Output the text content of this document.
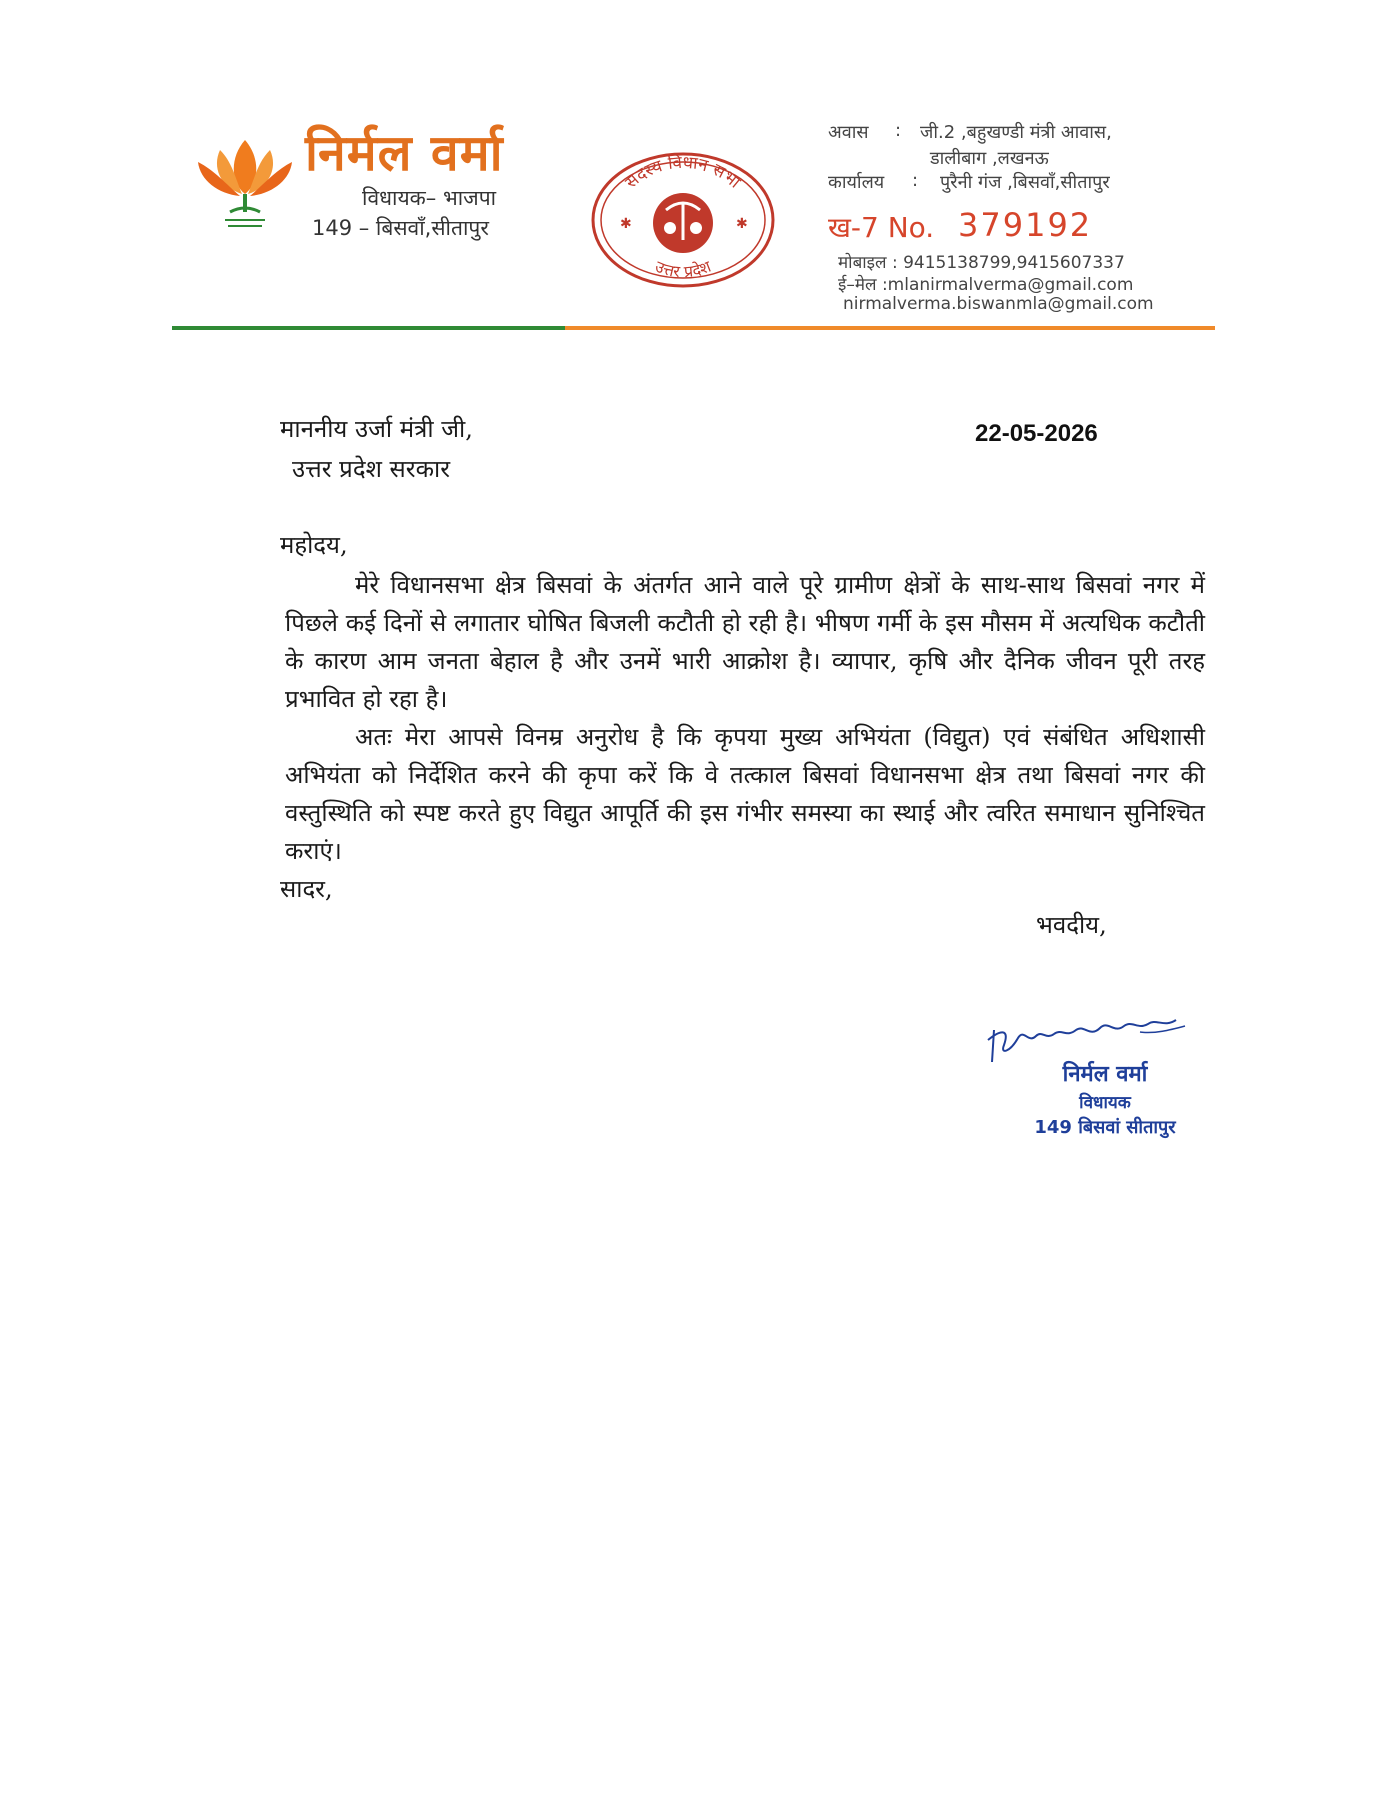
निर्मल वर्मा
विधायक– भाजपा
149 – बिसवाँ,सीतापुर
सदस्य विधान सभा
उत्तर प्रदेश
✱	✱
अवास : जी.2 ,बहुखण्डी मंत्री आवास,
डालीबाग ,लखनऊ
कार्यालय : पुरैनी गंज ,बिसवाँ,सीतापुर
ख-7 No. 379192
मोबाइल : 9415138799,9415607337
ई–मेल :mlanirmalverma@gmail.com
nirmalverma.biswanmla@gmail.com
माननीय उर्जा मंत्री जी,
उत्तर प्रदेश सरकार
22-05-2026
महोदय,
मेरे विधानसभा क्षेत्र बिसवां के अंतर्गत आने वाले पूरे ग्रामीण क्षेत्रों के साथ-साथ बिसवां नगर में पिछले कई दिनों से लगातार घोषित बिजली कटौती हो रही है। भीषण गर्मी के इस मौसम में अत्यधिक कटौती के कारण आम जनता बेहाल है और उनमें भारी आक्रोश है। व्यापार, कृषि और दैनिक जीवन पूरी तरह प्रभावित हो रहा है।
अतः मेरा आपसे विनम्र अनुरोध है कि कृपया मुख्य अभियंता (विद्युत) एवं संबंधित अधिशासी अभियंता को निर्देशित करने की कृपा करें कि वे तत्काल बिसवां विधानसभा क्षेत्र तथा बिसवां नगर की वस्तुस्थिति को स्पष्ट करते हुए विद्युत आपूर्ति की इस गंभीर समस्या का स्थाई और त्वरित समाधान सुनिश्चित कराएं।
सादर,
भवदीय,
निर्मल वर्मा
विधायक
149 बिसवां सीतापुर
